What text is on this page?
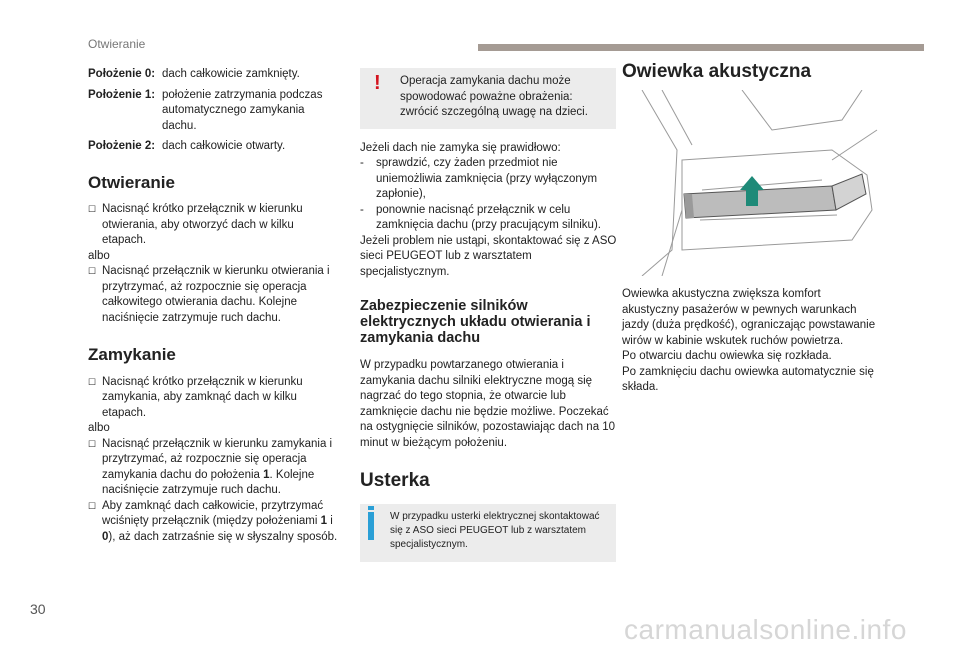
Otwieranie
Położenie 0: dach całkowicie zamknięty.
Położenie 1: położenie zatrzymania podczas automatycznego zamykania dachu.
Położenie 2: dach całkowicie otwarty.
Otwieranie
☐ Nacisnąć krótko przełącznik w kierunku otwierania, aby otworzyć dach w kilku etapach.
albo
☐ Nacisnąć przełącznik w kierunku otwierania i przytrzymać, aż rozpocznie się operacja całkowitego otwierania dachu. Kolejne naciśnięcie zatrzymuje ruch dachu.
Zamykanie
☐ Nacisnąć krótko przełącznik w kierunku zamykania, aby zamknąć dach w kilku etapach.
albo
☐ Nacisnąć przełącznik w kierunku zamykania i przytrzymać, aż rozpocznie się operacja zamykania dachu do położenia 1. Kolejne naciśnięcie zatrzymuje ruch dachu.
☐ Aby zamknąć dach całkowicie, przytrzymać wciśnięty przełącznik (między położeniami 1 i 0), aż dach zatrzaśnie się w słyszalny sposób.
! Operacja zamykania dachu może spowodować poważne obrażenia: zwrócić szczególną uwagę na dzieci.
Jeżeli dach nie zamyka się prawidłowo:
-	sprawdzić, czy żaden przedmiot nie uniemożliwia zamknięcia (przy wyłączonym zapłonie),
-	ponownie nacisnąć przełącznik w celu zamknięcia dachu (przy pracującym silniku).
Jeżeli problem nie ustąpi, skontaktować się z ASO sieci PEUGEOT lub z warsztatem specjalistycznym.
Zabezpieczenie silników elektrycznych układu otwierania i zamykania dachu

W przypadku powtarzanego otwierania i zamykania dachu silniki elektryczne mogą się nagrzać do tego stopnia, że otwarcie lub zamknięcie dachu nie będzie możliwe. Poczekać na ostygnięcie silników, pozostawiając dach na 10 minut w bieżącym położeniu.

Usterka
W przypadku usterki elektrycznej skontaktować się z ASO sieci PEUGEOT lub z warsztatem specjalistycznym.
Owiewka akustyczna

Owiewka akustyczna zwiększa komfort akustyczny pasażerów w pewnych warunkach jazdy (duża prędkość), ograniczając powstawanie wirów w kabinie wskutek ruchów powietrza.

Po otwarciu dachu owiewka się rozkłada.

Po zamknięciu dachu owiewka automatycznie się składa.

30
carmanualsonline.info
